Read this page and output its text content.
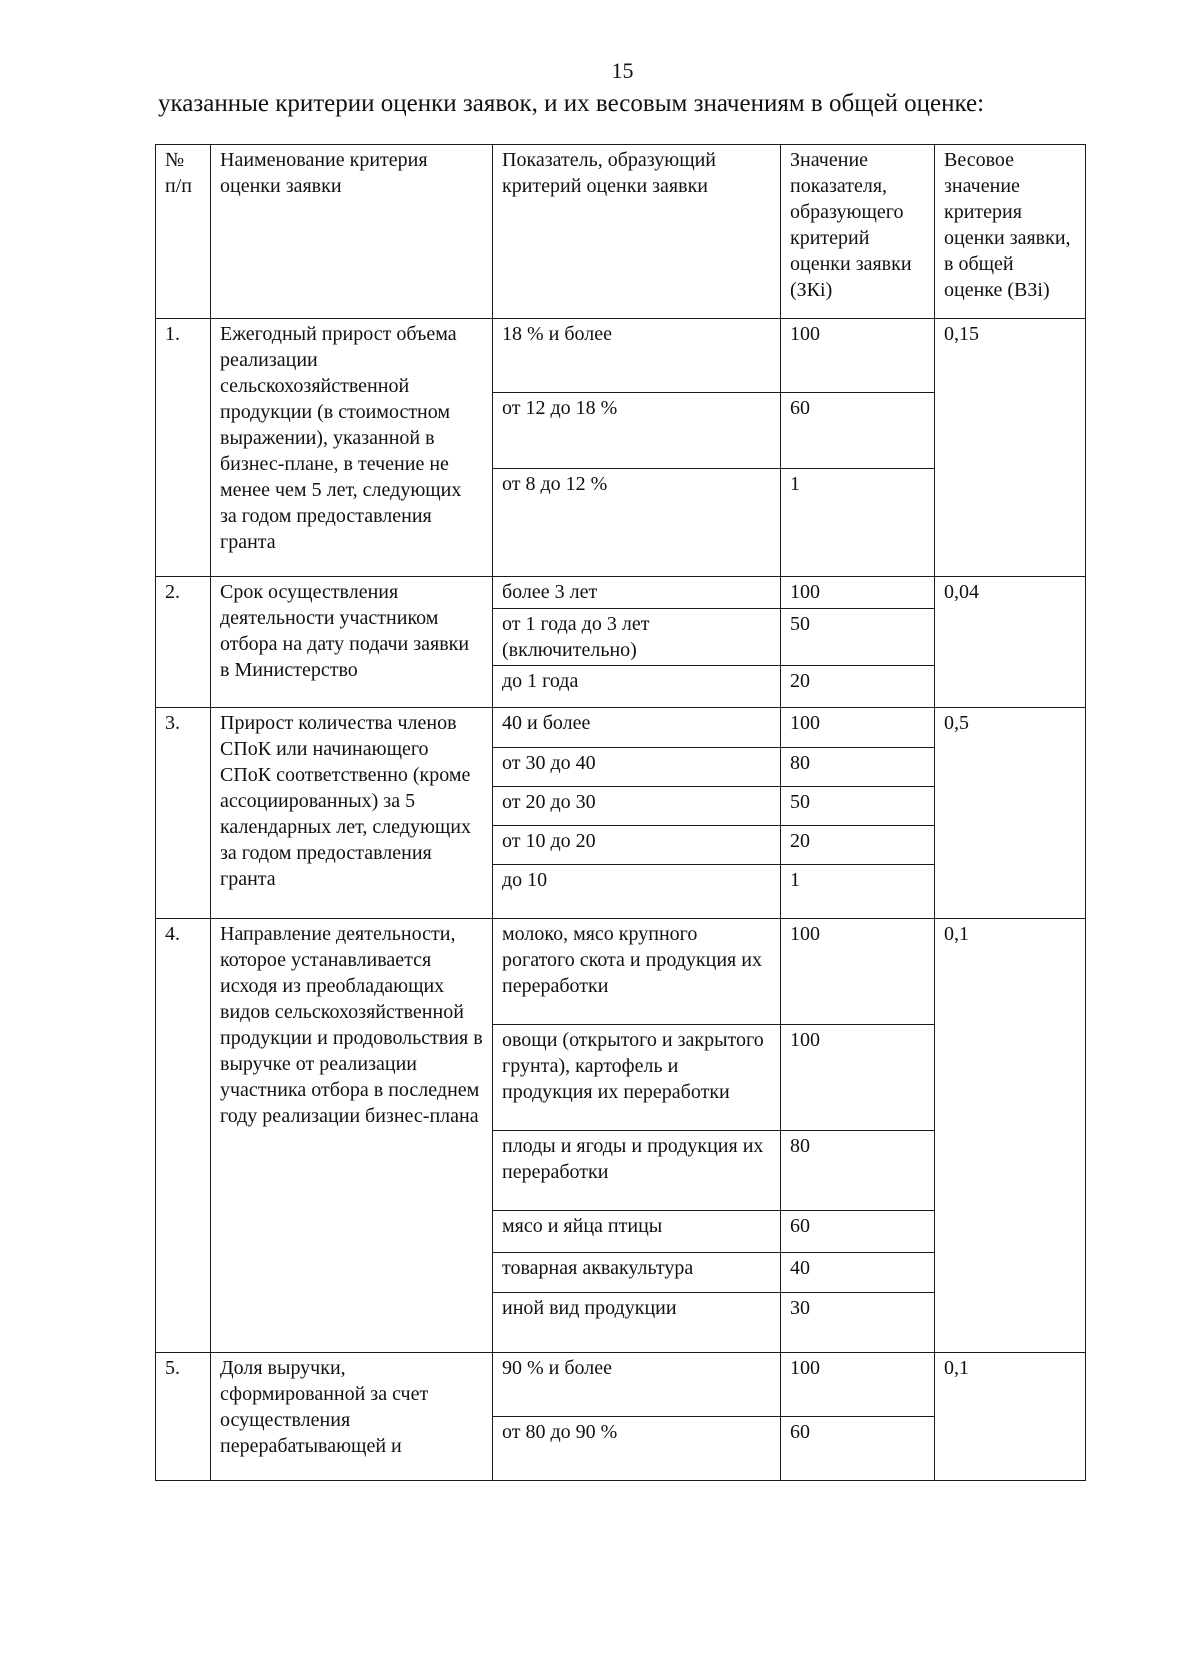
15
указанные критерии оценки заявок, и их весовым значениям в общей оценке:
№ п/п	Наименование критерия оценки заявки	Показатель, образующий критерий оценки заявки	Значение показателя, образующего критерий оценки заявки (ЗКi)	Весовое значение критерия оценки заявки, в общей оценке (ВЗi)
1.	Ежегодный прирост объема реализации сельскохозяйственной продукции (в стоимостном выражении), указанной в бизнес-плане, в течение не менее чем 5 лет, следующих за годом предоставления гранта	18 % и более	100	0,15
		от 12 до 18 %	60	
		от 8 до 12 %	1	
2.	Срок осуществления деятельности участником отбора на дату подачи заявки в Министерство	более 3 лет	100	0,04
		от 1 года до 3 лет (включительно)	50	
		до 1 года	20	
3.	Прирост количества членов СПоК или начинающего СПоК соответственно (кроме ассоциированных) за 5 календарных лет, следующих за годом предоставления гранта	40 и более	100	0,5
		от 30 до 40	80	
		от 20 до 30	50	
		от 10 до 20	20	
		до 10	1	
4.	Направление деятельности, которое устанавливается исходя из преобладающих видов сельскохозяйственной продукции и продовольствия в выручке от реализации участника отбора в последнем году реализации бизнес-плана	молоко, мясо крупного рогатого скота и продукция их переработки	100	0,1
		овощи (открытого и закрытого грунта), картофель и продукция их переработки	100	
		плоды и ягоды и продукция их переработки	80	
		мясо и яйца птицы	60	
		товарная аквакультура	40	
		иной вид продукции	30	
5.	Доля выручки, сформированной за счет осуществления перерабатывающей и	90 % и более	100	0,1
		от 80 до 90 %	60	
